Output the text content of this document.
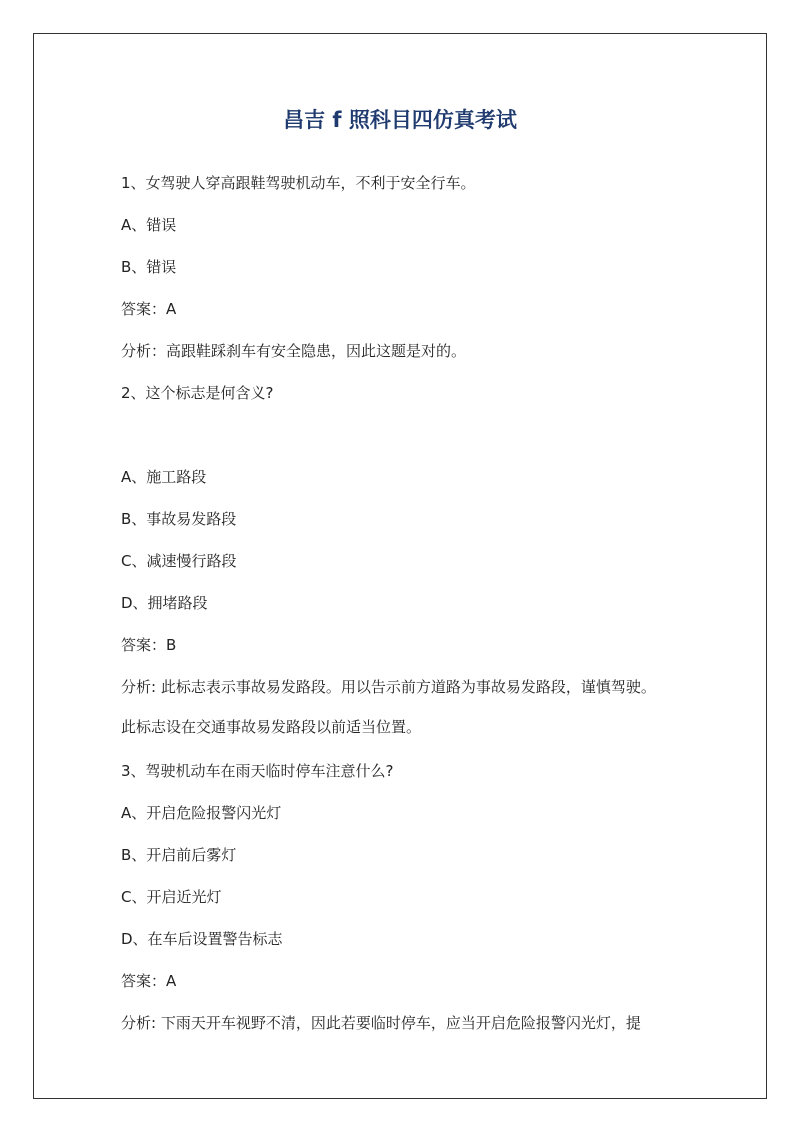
昌吉 f 照科目四仿真考试

1、女驾驶人穿高跟鞋驾驶机动车，不利于安全行车。

A、错误

B、错误

答案：A

分析：高跟鞋踩刹车有安全隐患，因此这题是对的。

2、这个标志是何含义?

A、施工路段

B、事故易发路段

C、减速慢行路段

D、拥堵路段

答案：B

分析: 此标志表示事故易发路段。用以告示前方道路为事故易发路段，谨慎驾驶。

此标志设在交通事故易发路段以前适当位置。

3、驾驶机动车在雨天临时停车注意什么?

A、开启危险报警闪光灯

B、开启前后雾灯

C、开启近光灯

D、在车后设置警告标志

答案：A

分析: 下雨天开车视野不清，因此若要临时停车，应当开启危险报警闪光灯，提
